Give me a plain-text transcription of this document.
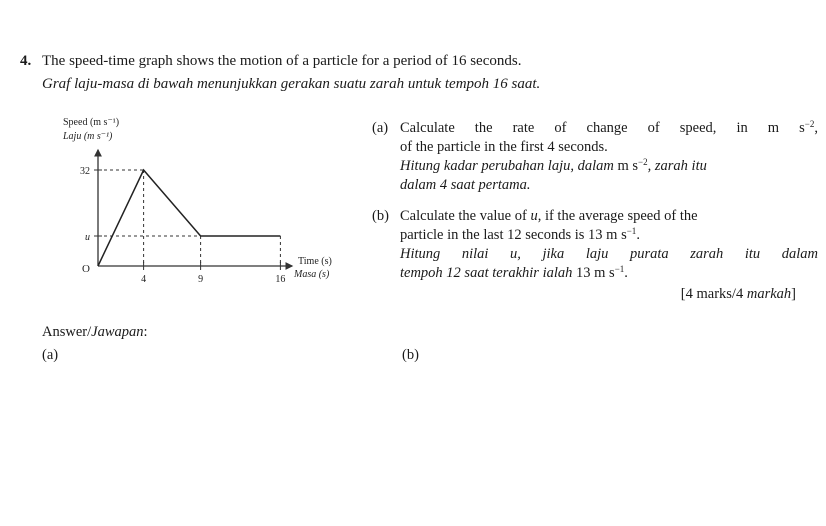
4. The speed-time graph shows the motion of a particle for a period of 16 seconds.
Graf laju-masa di bawah menunjukkan gerakan suatu zarah untuk tempoh 16 saat.
Speed (m s⁻¹)
Laju (m s⁻¹)
O
Time (s)
Masa (s)
4	9	16
32
u
(a) Calculate the rate of change of speed, in m $s^{-2}$,
of the particle in the first 4 seconds.
Hitung kadar perubahan laju, dalam m $s^{-2}$, zarah itu
dalam 4 saat pertama.
(b) Calculate the value of u, if the average speed of the
particle in the last 12 seconds is 13 m $s^{-1}$.
Hitung nilai u, jika laju purata zarah itu dalam
tempoh 12 saat terakhir ialah 13 m $s^{-1}$.
[4 marks/4 markah]
Answer/Jawapan:
(a)	(b)
